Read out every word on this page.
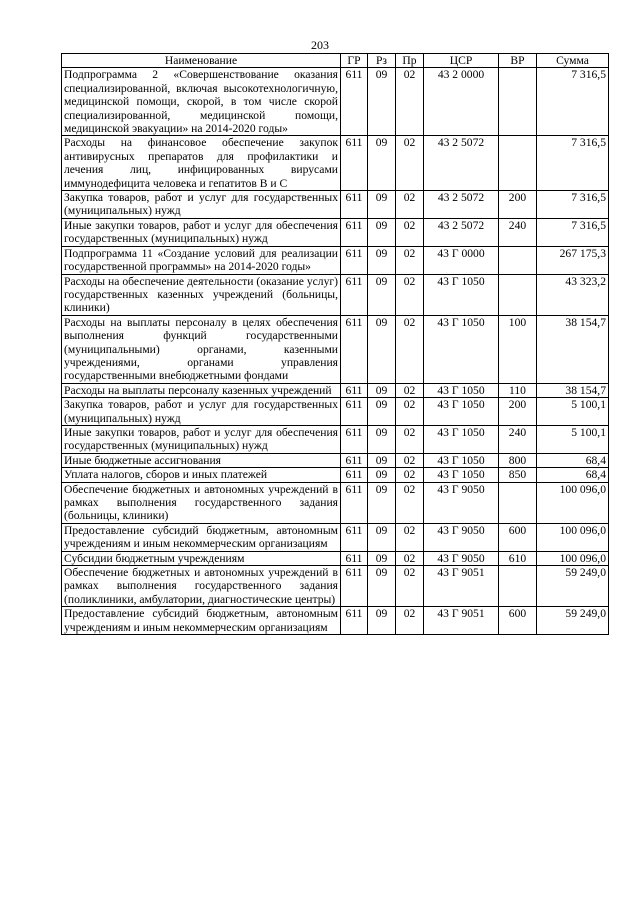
203
Наименование	ГР	Рз	Пр	ЦСР	ВР	Сумма
Подпрограмма 2 «Совершенствование оказания специализированной, включая высокотехнологичную, медицинской помощи, скорой, в том числе скорой специализированной, медицинской помощи, медицинской эвакуации» на 2014-2020 годы»	611	09	02	43 2 0000		7 316,5
Расходы на финансовое обеспечение закупок антивирусных препаратов для профилактики и лечения лиц, инфицированных вирусами иммунодефицита человека и гепатитов B и C	611	09	02	43 2 5072		7 316,5
Закупка товаров, работ и услуг для государственных (муниципальных) нужд	611	09	02	43 2 5072	200	7 316,5
Иные закупки товаров, работ и услуг для обеспечения государственных (муниципальных) нужд	611	09	02	43 2 5072	240	7 316,5
Подпрограмма 11 «Создание условий для реализации государственной программы» на 2014-2020 годы»	611	09	02	43 Г 0000		267 175,3
Расходы на обеспечение деятельности (оказание услуг) государственных казенных учреждений (больницы, клиники)	611	09	02	43 Г 1050		43 323,2
Расходы на выплаты персоналу в целях обеспечения выполнения функций государственными (муниципальными) органами, казенными учреждениями, органами управления государственными внебюджетными фондами	611	09	02	43 Г 1050	100	38 154,7
Расходы на выплаты персоналу казенных учреждений	611	09	02	43 Г 1050	110	38 154,7
Закупка товаров, работ и услуг для государственных (муниципальных) нужд	611	09	02	43 Г 1050	200	5 100,1
Иные закупки товаров, работ и услуг для обеспечения государственных (муниципальных) нужд	611	09	02	43 Г 1050	240	5 100,1
Иные бюджетные ассигнования	611	09	02	43 Г 1050	800	68,4
Уплата налогов, сборов и иных платежей	611	09	02	43 Г 1050	850	68,4
Обеспечение бюджетных и автономных учреждений в рамках выполнения государственного задания (больницы, клиники)	611	09	02	43 Г 9050		100 096,0
Предоставление субсидий бюджетным, автономным учреждениям и иным некоммерческим организациям	611	09	02	43 Г 9050	600	100 096,0
Субсидии бюджетным учреждениям	611	09	02	43 Г 9050	610	100 096,0
Обеспечение бюджетных и автономных учреждений в рамках выполнения государственного задания (поликлиники, амбулатории, диагностические центры)	611	09	02	43 Г 9051		59 249,0
Предоставление субсидий бюджетным, автономным учреждениям и иным некоммерческим организациям	611	09	02	43 Г 9051	600	59 249,0
